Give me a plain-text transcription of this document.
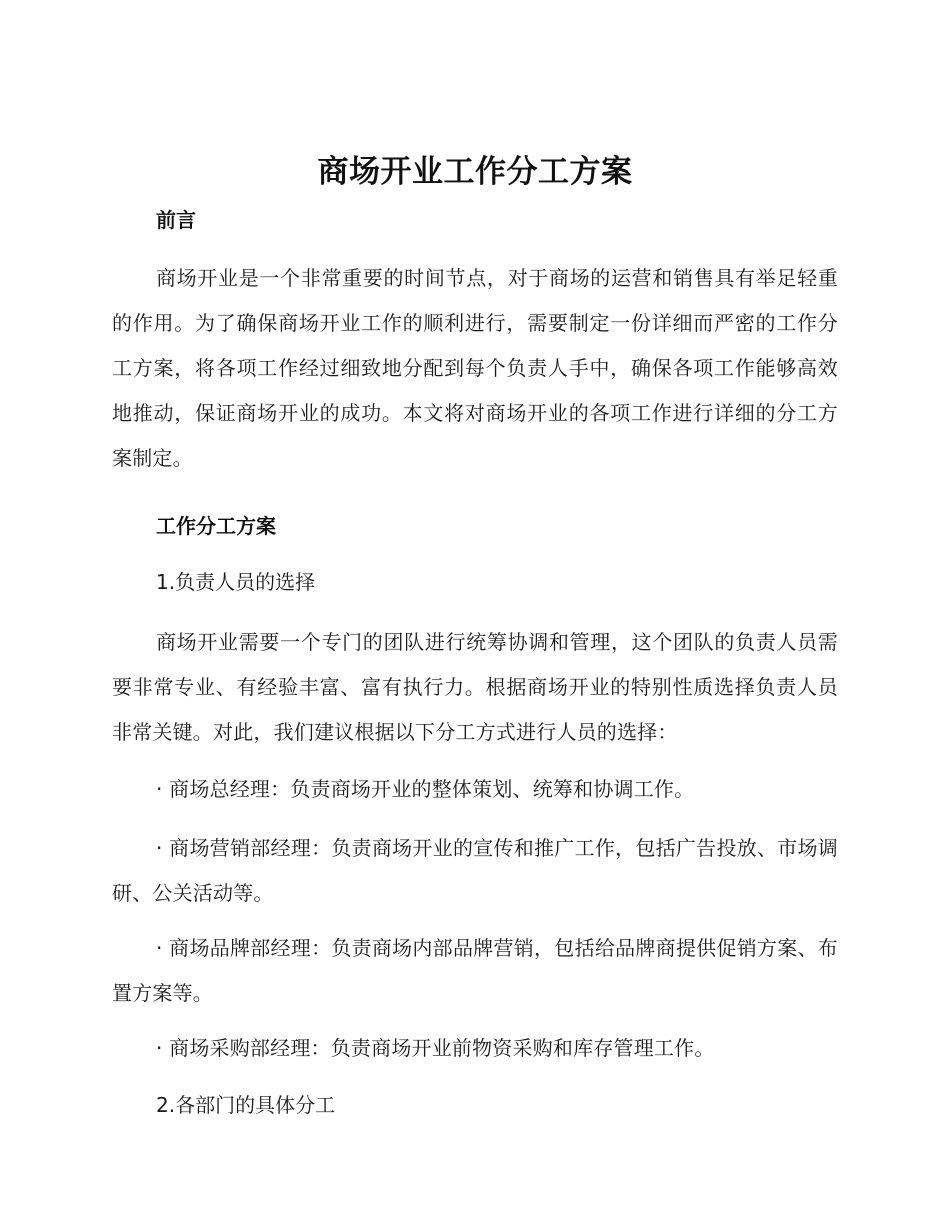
商场开业工作分工方案
前言

商场开业是一个非常重要的时间节点，对于商场的运营和销售具有举足轻重的作用。为了确保商场开业工作的顺利进行，需要制定一份详细而严密的工作分工方案，将各项工作经过细致地分配到每个负责人手中，确保各项工作能够高效地推动，保证商场开业的成功。本文将对商场开业的各项工作进行详细的分工方案制定。

工作分工方案

1.负责人员的选择

商场开业需要一个专门的团队进行统筹协调和管理，这个团队的负责人员需要非常专业、有经验丰富、富有执行力。根据商场开业的特别性质选择负责人员非常关键。对此，我们建议根据以下分工方式进行人员的选择：

· 商场总经理：负责商场开业的整体策划、统筹和协调工作。

· 商场营销部经理：负责商场开业的宣传和推广工作，包括广告投放、市场调研、公关活动等。

· 商场品牌部经理：负责商场内部品牌营销，包括给品牌商提供促销方案、布置方案等。

· 商场采购部经理：负责商场开业前物资采购和库存管理工作。

2.各部门的具体分工
